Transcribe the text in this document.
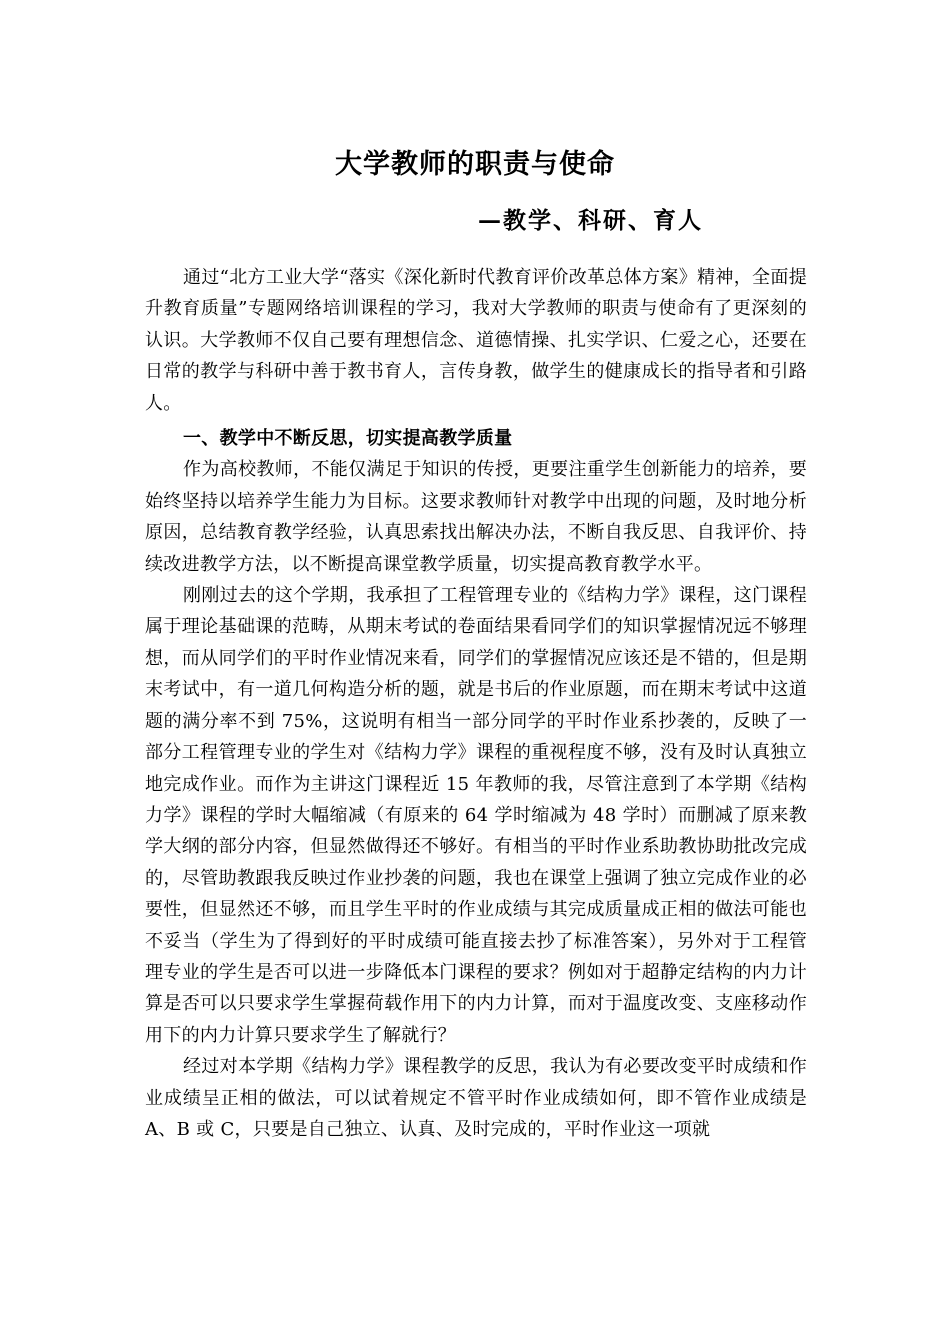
大学教师的职责与使命
—教学、科研、育人

通过“北方工业大学“落实《深化新时代教育评价改革总体方案》精神，全面提升教育质量”专题网络培训课程的学习，我对大学教师的职责与使命有了更深刻的认识。大学教师不仅自己要有理想信念、道德情操、扎实学识、仁爱之心，还要在日常的教学与科研中善于教书育人，言传身教，做学生的健康成长的指导者和引路人。

一、教学中不断反思，切实提高教学质量

作为高校教师，不能仅满足于知识的传授，更要注重学生创新能力的培养，要始终坚持以培养学生能力为目标。这要求教师针对教学中出现的问题，及时地分析原因，总结教育教学经验，认真思索找出解决办法，不断自我反思、自我评价、持续改进教学方法，以不断提高课堂教学质量，切实提高教育教学水平。

刚刚过去的这个学期，我承担了工程管理专业的《结构力学》课程，这门课程属于理论基础课的范畴，从期末考试的卷面结果看同学们的知识掌握情况远不够理想，而从同学们的平时作业情况来看，同学们的掌握情况应该还是不错的，但是期末考试中，有一道几何构造分析的题，就是书后的作业原题，而在期末考试中这道题的满分率不到 75%，这说明有相当一部分同学的平时作业系抄袭的，反映了一部分工程管理专业的学生对《结构力学》课程的重视程度不够，没有及时认真独立地完成作业。而作为主讲这门课程近 15 年教师的我，尽管注意到了本学期《结构力学》课程的学时大幅缩减（有原来的 64 学时缩减为 48 学时）而删减了原来教学大纲的部分内容，但显然做得还不够好。有相当的平时作业系助教协助批改完成的，尽管助教跟我反映过作业抄袭的问题，我也在课堂上强调了独立完成作业的必要性，但显然还不够，而且学生平时的作业成绩与其完成质量成正相的做法可能也不妥当（学生为了得到好的平时成绩可能直接去抄了标准答案），另外对于工程管理专业的学生是否可以进一步降低本门课程的要求？例如对于超静定结构的内力计算是否可以只要求学生掌握荷载作用下的内力计算，而对于温度改变、支座移动作用下的内力计算只要求学生了解就行？

经过对本学期《结构力学》课程教学的反思，我认为有必要改变平时成绩和作业成绩呈正相的做法，可以试着规定不管平时作业成绩如何，即不管作业成绩是 A、B 或 C，只要是自己独立、认真、及时完成的，平时作业这一项就
